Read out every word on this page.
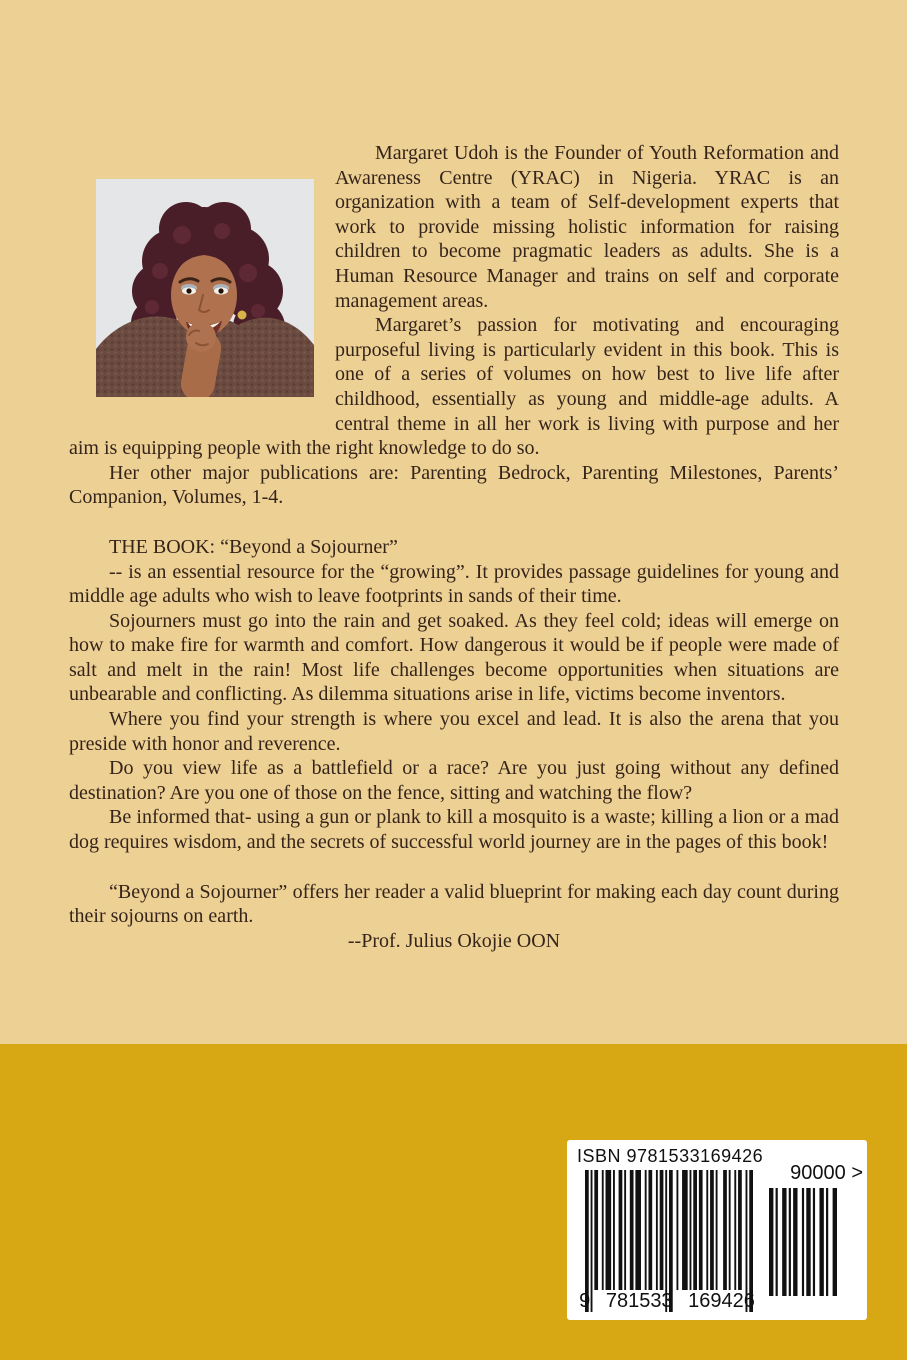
Margaret Udoh is the Founder of Youth Reformation and Awareness Centre (YRAC) in Nigeria. YRAC is an organization with a team of Self-development experts that work to provide missing holistic information for raising children to become pragmatic leaders as adults. She is a Human Resource Manager and trains on self and corporate management areas.

Margaret’s passion for motivating and encouraging purposeful living is particularly evident in this book. This is one of a series of volumes on how best to live life after childhood, essentially as young and middle-age adults. A central theme in all her work is living with purpose and her aim is equipping people with the right knowledge to do so.

Her other major publications are: Parenting Bedrock, Parenting Milestones, Parents’ Companion, Volumes, 1-4.

THE BOOK: “Beyond a Sojourner”

-- is an essential resource for the “growing”. It provides passage guidelines for young and middle age adults who wish to leave footprints in sands of their time.

Sojourners must go into the rain and get soaked. As they feel cold; ideas will emerge on how to make fire for warmth and comfort. How dangerous it would be if people were made of salt and melt in the rain! Most life challenges become opportunities when situations are unbearable and conflicting. As dilemma situations arise in life, victims become inventors.

Where you find your strength is where you excel and lead. It is also the arena that you preside with honor and reverence.

Do you view life as a battlefield or a race? Are you just going without any defined destination? Are you one of those on the fence, sitting and watching the flow?

Be informed that- using a gun or plank to kill a mosquito is a waste; killing a lion or a mad dog requires wisdom, and the secrets of successful world journey are in the pages of this book!

“Beyond a Sojourner” offers her reader a valid blueprint for making each day count during their sojourns on earth.

--Prof. Julius Okojie OON

ISBN 9781533169426
9 781533 169426
90000 >
